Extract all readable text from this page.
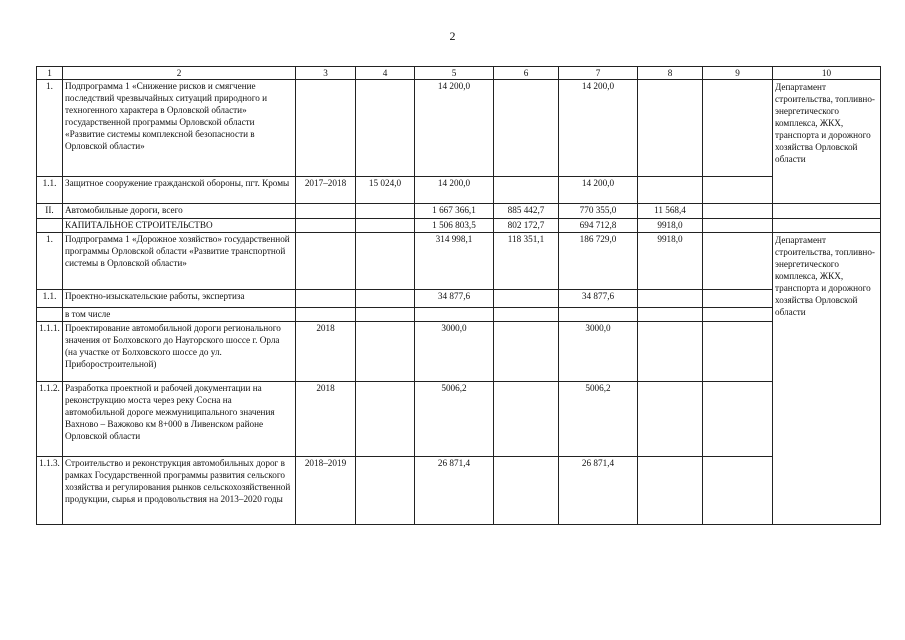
2
1	2	3	4	5	6	7	8	9	10	
1.	Подпрограмма 1 «Снижение рисков и смягчение последствий чрезвычайных ситуаций природного и техногенного характера в Орловской области» государственной программы Орловской области «Развитие системы комплексной безопасности в Орловской области»			14 200,0		14 200,0			Департамент строительства, топливно-энергетического комплекса, ЖКХ, транспорта и дорожного хозяйства Орловской области	

1.1.	Защитное сооружение гражданской обороны, пгт. Кромы	2017–2018	15 024,0	14 200,0		14 200,0				
II.	Автомобильные дороги, всего			1 667 366,1	885 442,7	770 355,0	11 568,4			
	КАПИТАЛЬНОЕ СТРОИТЕЛЬСТВО			1 506 803,5	802 172,7	694 712,8	9918,0			
1.	Подпрограмма 1 «Дорожное хозяйство» государственной программы Орловской области «Развитие транспортной системы в Орловской области»			314 998,1	118 351,1	186 729,0	9918,0		Департамент строительства, топливно-энергетического комплекса, ЖКХ, транспорта и дорожного хозяйства Орловской области	

1.1.	Проектно-изыскательские работы, экспертиза			34 877,6		34 877,6				
	в том числе									
1.1.1.	Проектирование автомобильной дороги регионального значения от Болховского до Наугорского шоссе г. Орла (на участке от Болховского шоссе до ул. Приборостроительной)	2018		3000,0		3000,0				
1.1.2.	Разработка проектной и рабочей документации на реконструкцию моста через реку Сосна на автомобильной дороге межмуниципального значения Вахново – Важжово км 8+000 в Ливенском районе Орловской области	2018		5006,2		5006,2				
1.1.3.	Строительство и реконструкция автомобильных дорог в рамках Государственной программы развития сельского хозяйства и регулирования рынков сельскохозяйственной продукции, сырья и продовольствия на 2013–2020 годы	2018–2019		26 871,4		26 871,4				
